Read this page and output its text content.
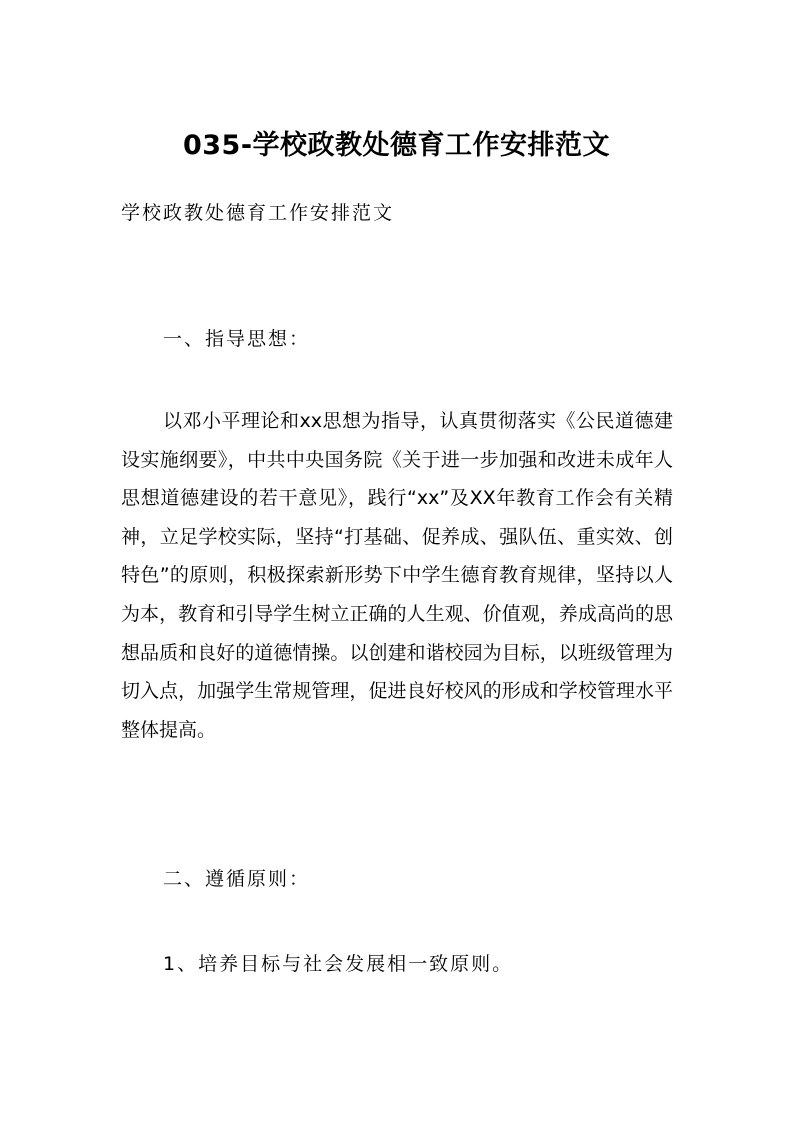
035-学校政教处德育工作安排范文
学校政教处德育工作安排范文
一、指导思想：

以邓小平理论和xx思想为指导，认真贯彻落实《公民道德建设实施纲要》，中共中央国务院《关于进一步加强和改进未成年人思想道德建设的若干意见》，践行“xx”及XX年教育工作会有关精神，立足学校实际，坚持“打基础、促养成、强队伍、重实效、创特色”的原则，积极探索新形势下中学生德育教育规律，坚持以人为本，教育和引导学生树立正确的人生观、价值观，养成高尚的思想品质和良好的道德情操。以创建和谐校园为目标，以班级管理为切入点，加强学生常规管理，促进良好校风的形成和学校管理水平整体提高。

二、遵循原则：
1、培养目标与社会发展相一致原则。
